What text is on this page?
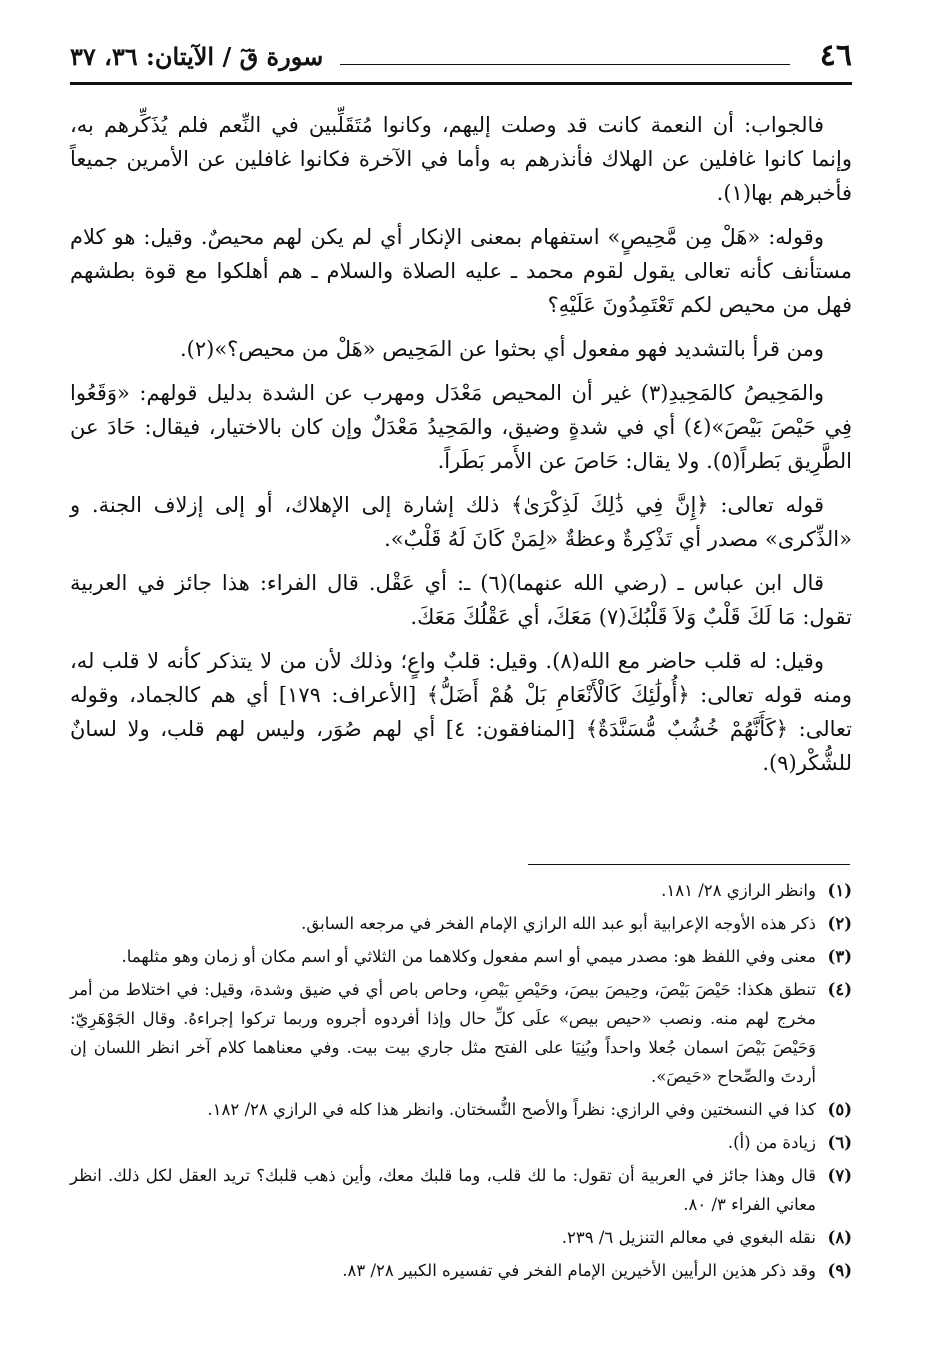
٤٦
سورة قٓ / الآيتان: ٣٦، ٣٧

فالجواب: أن النعمة كانت قد وصلت إليهم، وكانوا مُتَقَلِّبين في النِّعم فلم يُذَكِّرهم به، وإنما كانوا غافلين عن الهلاك فأنذرهم به وأما في الآخرة فكانوا غافلين عن الأمرين جميعاً فأخبرهم بها(١).

وقوله: «هَلْ مِن مَّحِيصٍ» استفهام بمعنى الإنكار أي لم يكن لهم محيصٌ. وقيل: هو كلام مستأنف كأنه تعالى يقول لقوم محمد ـ عليه الصلاة والسلام ـ هم أهلكوا مع قوة بطشهم فهل من محيص لكم تَعْتَمِدُونَ عَلَيْهِ؟

ومن قرأ بالتشديد فهو مفعول أي بحثوا عن المَحِيص «هَلْ من محيص؟»(٢).

والمَحِيصُ كالمَحِيدِ(٣) غير أن المحيص مَعْدَل ومهرب عن الشدة بدليل قولهم: «وَقَعُوا فِي حَيْصَ بَيْصَ»(٤) أي في شدةٍ وضيق، والمَحِيدُ مَعْدَلٌ وإن كان بالاختيار، فيقال: حَادَ عن الطَّرِيق بَطراً(٥). ولا يقال: حَاصَ عن الأَمر بَطَراً.

قوله تعالى: ﴿إِنَّ فِي ذَٰلِكَ لَذِكْرَىٰ﴾ ذلك إشارة إلى الإهلاك، أو إلى إزلاف الجنة. و «الذِّكرى» مصدر أي تَذْكِرةٌ وعظةٌ «لِمَنْ كَانَ لَهُ قَلْبٌ».

قال ابن عباس ـ (رضي الله عنهما)(٦) ـ: أي عَقْل. قال الفراء: هذا جائز في العربية تقول: مَا لَكَ قَلْبٌ وَلاَ قَلْبُكَ(٧) مَعَكَ، أي عَقْلُكَ مَعَكَ.

وقيل: له قلب حاضر مع الله(٨). وقيل: قلبٌ واعٍ؛ وذلك لأن من لا يتذكر كأنه لا قلب له، ومنه قوله تعالى: ﴿أُولَٰئِكَ كَالْأَنْعَامِ بَلْ هُمْ أَضَلُّ﴾ [الأعراف: ١٧٩] أي هم كالجماد، وقوله تعالى: ﴿كَأَنَّهُمْ خُشُبٌ مُّسَنَّدَةٌ﴾ [المنافقون: ٤] أي لهم صُوَر، وليس لهم قلب، ولا لسانٌ للشُّكْر(٩).

(١)
وانظر الرازي ٢٨/ ١٨١.
(٢)
ذكر هذه الأوجه الإعرابية أبو عبد الله الرازي الإمام الفخر في مرجعه السابق.
(٣)
معنى وفي اللفظ هو: مصدر ميمي أو اسم مفعول وكلاهما من الثلاثي أو اسم مكان أو زمان وهو مثلهما.
(٤)
تنطق هكذا: حَيْصَ بَيْصَ، وحِيصَ بيصَ، وحَيْصِ بَيْصِ، وحاص باص أي في ضيق وشدة، وقيل: في اختلاط من أمر مخرج لهم منه. ونصب «حيص بيص» علَى كلِّ حال وإذا أفردوه أجروه وربما تركوا إجراءهُ. وقال الجَوْهَرِيّ: وَحَيْصَ بَيْصَ اسمان جُعلا واحداً وبُنِيَا على الفتح مثل جاري بيت بيت. وفي معناهما كلام آخر انظر اللسان إن أردتَ والصِّحاح «حَيصَ».
(٥)
كذا في النسختين وفي الرازي: نظراً والأصح النُّسختان. وانظر هذا كله في الرازي ٢٨/ ١٨٢.
(٦)
زيادة من (أ).
(٧)
قال وهذا جائز في العربية أن تقول: ما لك قلب، وما قلبك معك، وأين ذهب قلبك؟ تريد العقل لكل ذلك. انظر معاني الفراء ٣/ ٨٠.
(٨)
نقله البغوي في معالم التنزيل ٦/ ٢٣٩.
(٩)
وقد ذكر هذين الرأيين الأخيرين الإمام الفخر في تفسيره الكبير ٢٨/ ٨٣.
